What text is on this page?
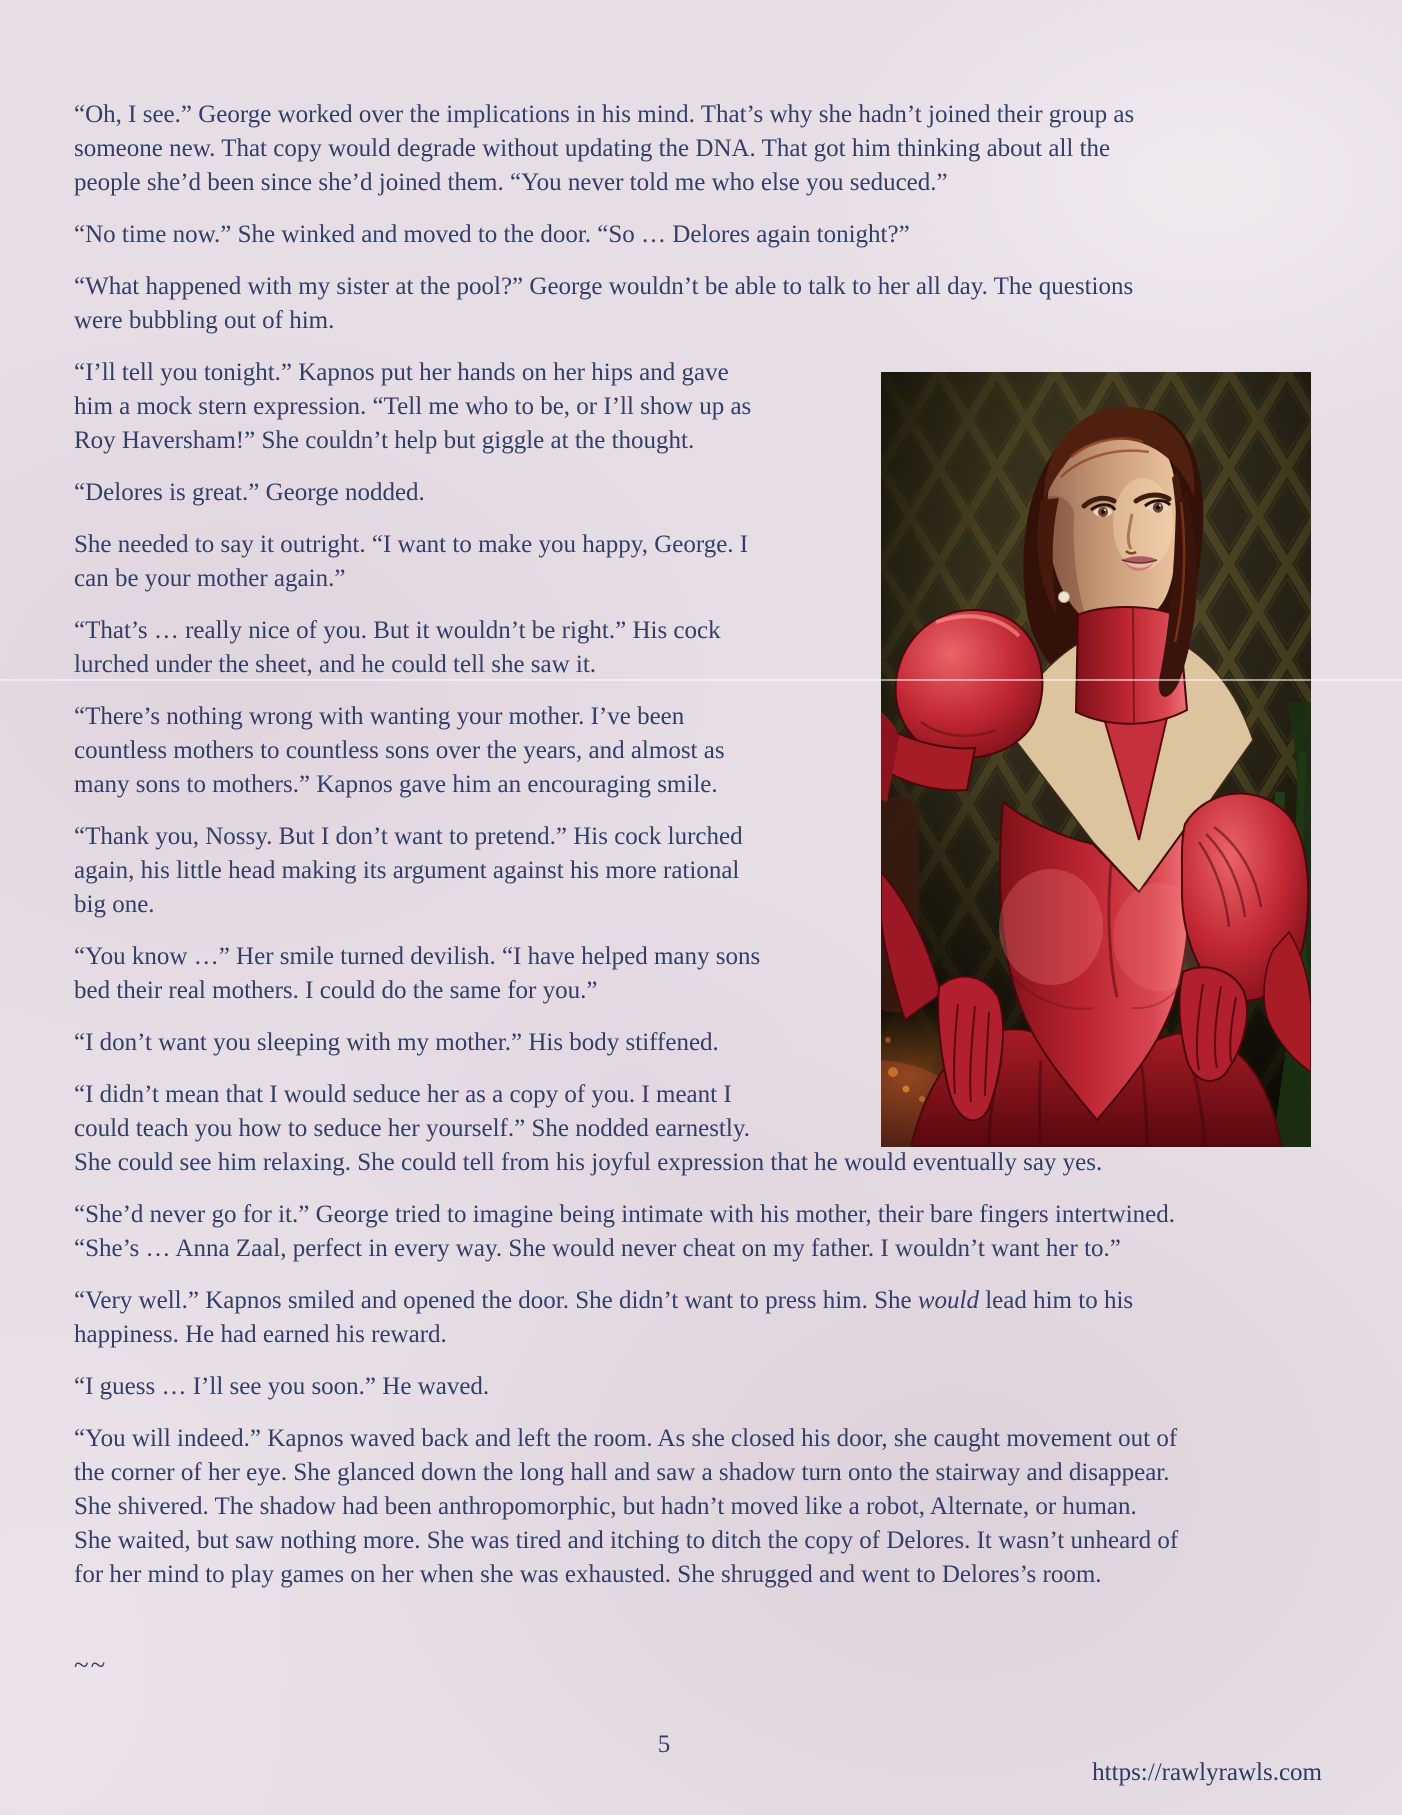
“Oh, I see.” George worked over the implications in his mind. That’s why she hadn’t joined their group as
someone new. That copy would degrade without updating the DNA. That got him thinking about all the
people she’d been since she’d joined them. “You never told me who else you seduced.”

“No time now.” She winked and moved to the door. “So … Delores again tonight?”

“What happened with my sister at the pool?” George wouldn’t be able to talk to her all day. The questions
were bubbling out of him.

“I’ll tell you tonight.” Kapnos put her hands on her hips and gave
him a mock stern expression. “Tell me who to be, or I’ll show up as
Roy Haversham!” She couldn’t help but giggle at the thought.

“Delores is great.” George nodded.

She needed to say it outright. “I want to make you happy, George. I
can be your mother again.”

“That’s … really nice of you. But it wouldn’t be right.” His cock
lurched under the sheet, and he could tell she saw it.

“There’s nothing wrong with wanting your mother. I’ve been
countless mothers to countless sons over the years, and almost as
many sons to mothers.” Kapnos gave him an encouraging smile.

“Thank you, Nossy. But I don’t want to pretend.” His cock lurched
again, his little head making its argument against his more rational
big one.

“You know …” Her smile turned devilish. “I have helped many sons
bed their real mothers. I could do the same for you.”

“I don’t want you sleeping with my mother.” His body stiffened.

“I didn’t mean that I would seduce her as a copy of you. I meant I
could teach you how to seduce her yourself.” She nodded earnestly.
She could see him relaxing. She could tell from his joyful expression that he would eventually say yes.

“She’d never go for it.” George tried to imagine being intimate with his mother, their bare fingers intertwined.
“She’s … Anna Zaal, perfect in every way. She would never cheat on my father. I wouldn’t want her to.”

“Very well.” Kapnos smiled and opened the door. She didn’t want to press him. She would lead him to his
happiness. He had earned his reward.

“I guess … I’ll see you soon.” He waved.

“You will indeed.” Kapnos waved back and left the room. As she closed his door, she caught movement out of
the corner of her eye. She glanced down the long hall and saw a shadow turn onto the stairway and disappear.
She shivered. The shadow had been anthropomorphic, but hadn’t moved like a robot, Alternate, or human.
She waited, but saw nothing more. She was tired and itching to ditch the copy of Delores. It wasn’t unheard of
for her mind to play games on her when she was exhausted. She shrugged and went to Delores’s room.

~~

5
https://rawlyrawls.com
